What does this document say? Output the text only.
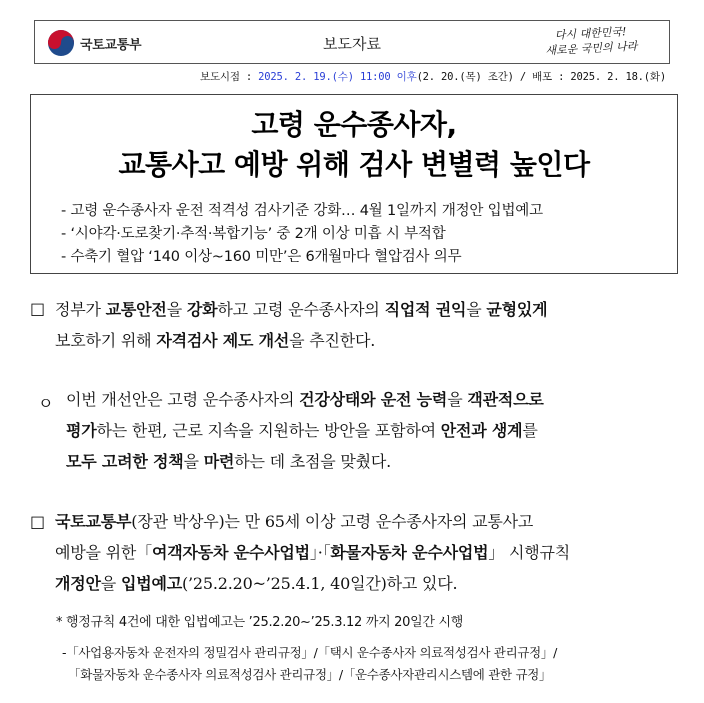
국토교통부	보도자료
다시 대한민국!
새로운 국민의 나라
보도시점 : 2025. 2. 19.(수) 11:00 이후(2. 20.(목) 조간) / 배포 : 2025. 2. 18.(화)
고령 운수종사자,
교통사고 예방 위해 검사 변별력 높인다
- 고령 운수종사자 운전 적격성 검사기준 강화… 4월 1일까지 개정안 입법예고
- ‘시야각·도로찾기·추적·복합기능’ 중 2개 이상 미흡 시 부적합
- 수축기 혈압 ‘140 이상~160 미만’은 6개월마다 혈압검사 의무
□ 정부가 교통안전을 강화하고 고령 운수종사자의 직업적 권익을 균형있게
보호하기 위해 자격검사 제도 개선을 추진한다.
ㅇ 이번 개선안은 고령 운수종사자의 건강상태와 운전 능력을 객관적으로
평가하는 한편, 근로 지속을 지원하는 방안을 포함하여 안전과 생계를
모두 고려한 정책을 마련하는 데 초점을 맞췄다.
□ 국토교통부(장관 박상우)는 만 65세 이상 고령 운수종사자의 교통사고
예방을 위한「여객자동차 운수사업법」·「화물자동차 운수사업법」 시행규칙
개정안을 입법예고(’25.2.20~’25.4.1, 40일간)하고 있다.
* 행정규칙 4건에 대한 입법예고는 ’25.2.20~’25.3.12 까지 20일간 시행
-「사업용자동차 운전자의 정밀검사 관리규정」/「택시 운수종사자 의료적성검사 관리규정」/
「화물자동차 운수종사자 의료적성검사 관리규정」/「운수종사자관리시스템에 관한 규정」
